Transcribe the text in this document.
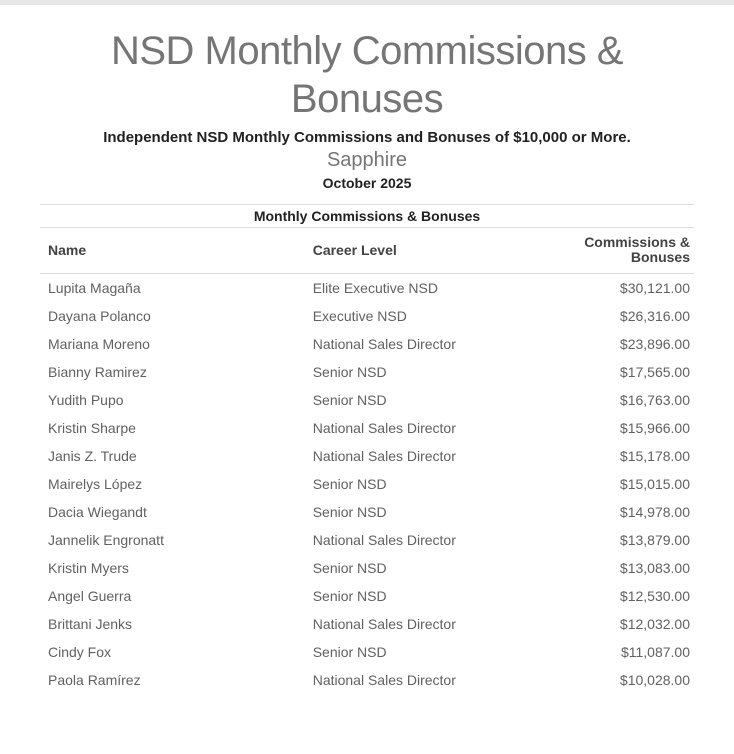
NSD Monthly Commissions & Bonuses
Independent NSD Monthly Commissions and Bonuses of $10,000 or More.
Sapphire
October 2025
Monthly Commissions & Bonuses
Name	Career Level	Commissions & Bonuses
Lupita Magaña	Elite Executive NSD	$30,121.00
Dayana Polanco	Executive NSD	$26,316.00
Mariana Moreno	National Sales Director	$23,896.00
Bianny Ramirez	Senior NSD	$17,565.00
Yudith Pupo	Senior NSD	$16,763.00
Kristin Sharpe	National Sales Director	$15,966.00
Janis Z. Trude	National Sales Director	$15,178.00
Mairelys López	Senior NSD	$15,015.00
Dacia Wiegandt	Senior NSD	$14,978.00
Jannelik Engronatt	National Sales Director	$13,879.00
Kristin Myers	Senior NSD	$13,083.00
Angel Guerra	Senior NSD	$12,530.00
Brittani Jenks	National Sales Director	$12,032.00
Cindy Fox	Senior NSD	$11,087.00
Paola Ramírez	National Sales Director	$10,028.00
